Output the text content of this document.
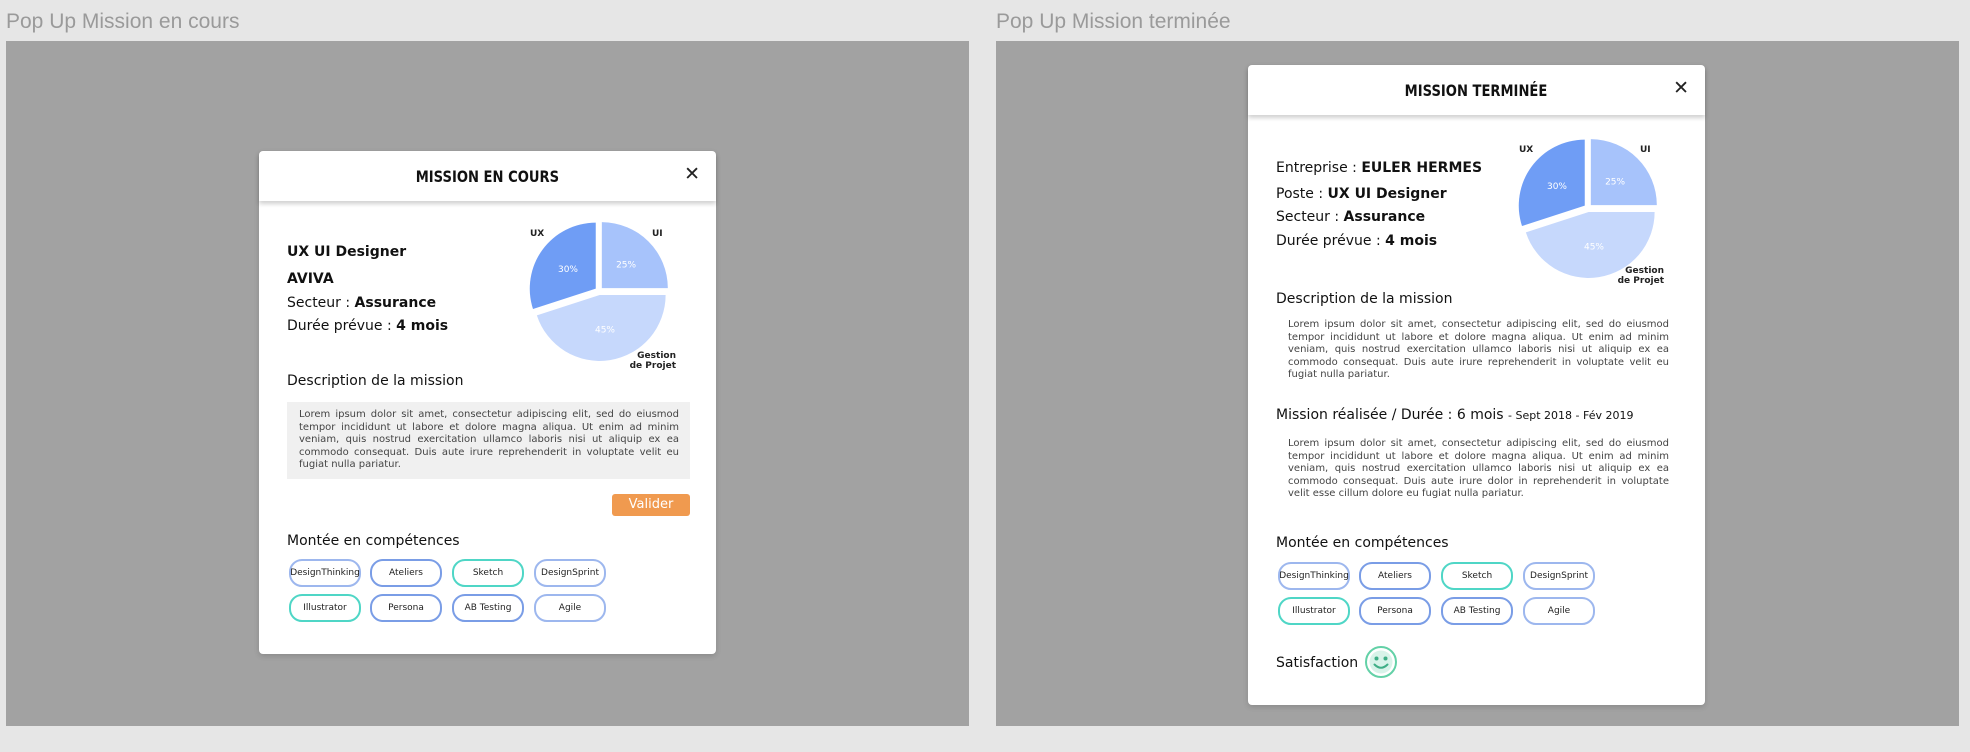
Pop Up Mission en cours
MISSION EN COURS	✕
UX UI Designer
AVIVA
Secteur : Assurance
Durée prévue : 4 mois
25%
45%
30%
UX	UI
Gestion
de Projet
Description de la mission
Lorem ipsum dolor sit amet, consectetur adipiscing elit, sed do eiusmod tempor incididunt ut labore et dolore magna aliqua. Ut enim ad minim veniam, quis nostrud exercitation ullamco laboris nisi ut aliquip ex ea commodo consequat. Duis aute irure reprehenderit in voluptate velit eu fugiat nulla pariatur.
Valider
Montée en compétences
Design Thinking	Ateliers	Sketch	Design Sprint
Illustrator	Persona	AB Testing	Agile
Pop Up Mission terminée
MISSION TERMINÉE	✕
Entreprise : EULER HERMES
Poste : UX UI Designer
Secteur : Assurance
Durée prévue : 4 mois
25%
45%
30%
UX	UI
Gestion
de Projet
Description de la mission
Lorem ipsum dolor sit amet, consectetur adipiscing elit, sed do eiusmod tempor incididunt ut labore et dolore magna aliqua. Ut enim ad minim veniam, quis nostrud exercitation ullamco laboris nisi ut aliquip ex ea commodo consequat. Duis aute irure reprehenderit in voluptate velit eu fugiat nulla pariatur.
Mission réalisée / Durée : 6 mois - Sept 2018 - Fév 2019
Lorem ipsum dolor sit amet, consectetur adipiscing elit, sed do eiusmod tempor incididunt ut labore et dolore magna aliqua. Ut enim ad minim veniam, quis nostrud exercitation ullamco laboris nisi ut aliquip ex ea commodo consequat. Duis aute irure dolor in reprehenderit in voluptate velit esse cillum dolore eu fugiat nulla pariatur.
Montée en compétences
Design Thinking	Ateliers	Sketch	Design Sprint
Illustrator	Persona	AB Testing	Agile
Satisfaction
